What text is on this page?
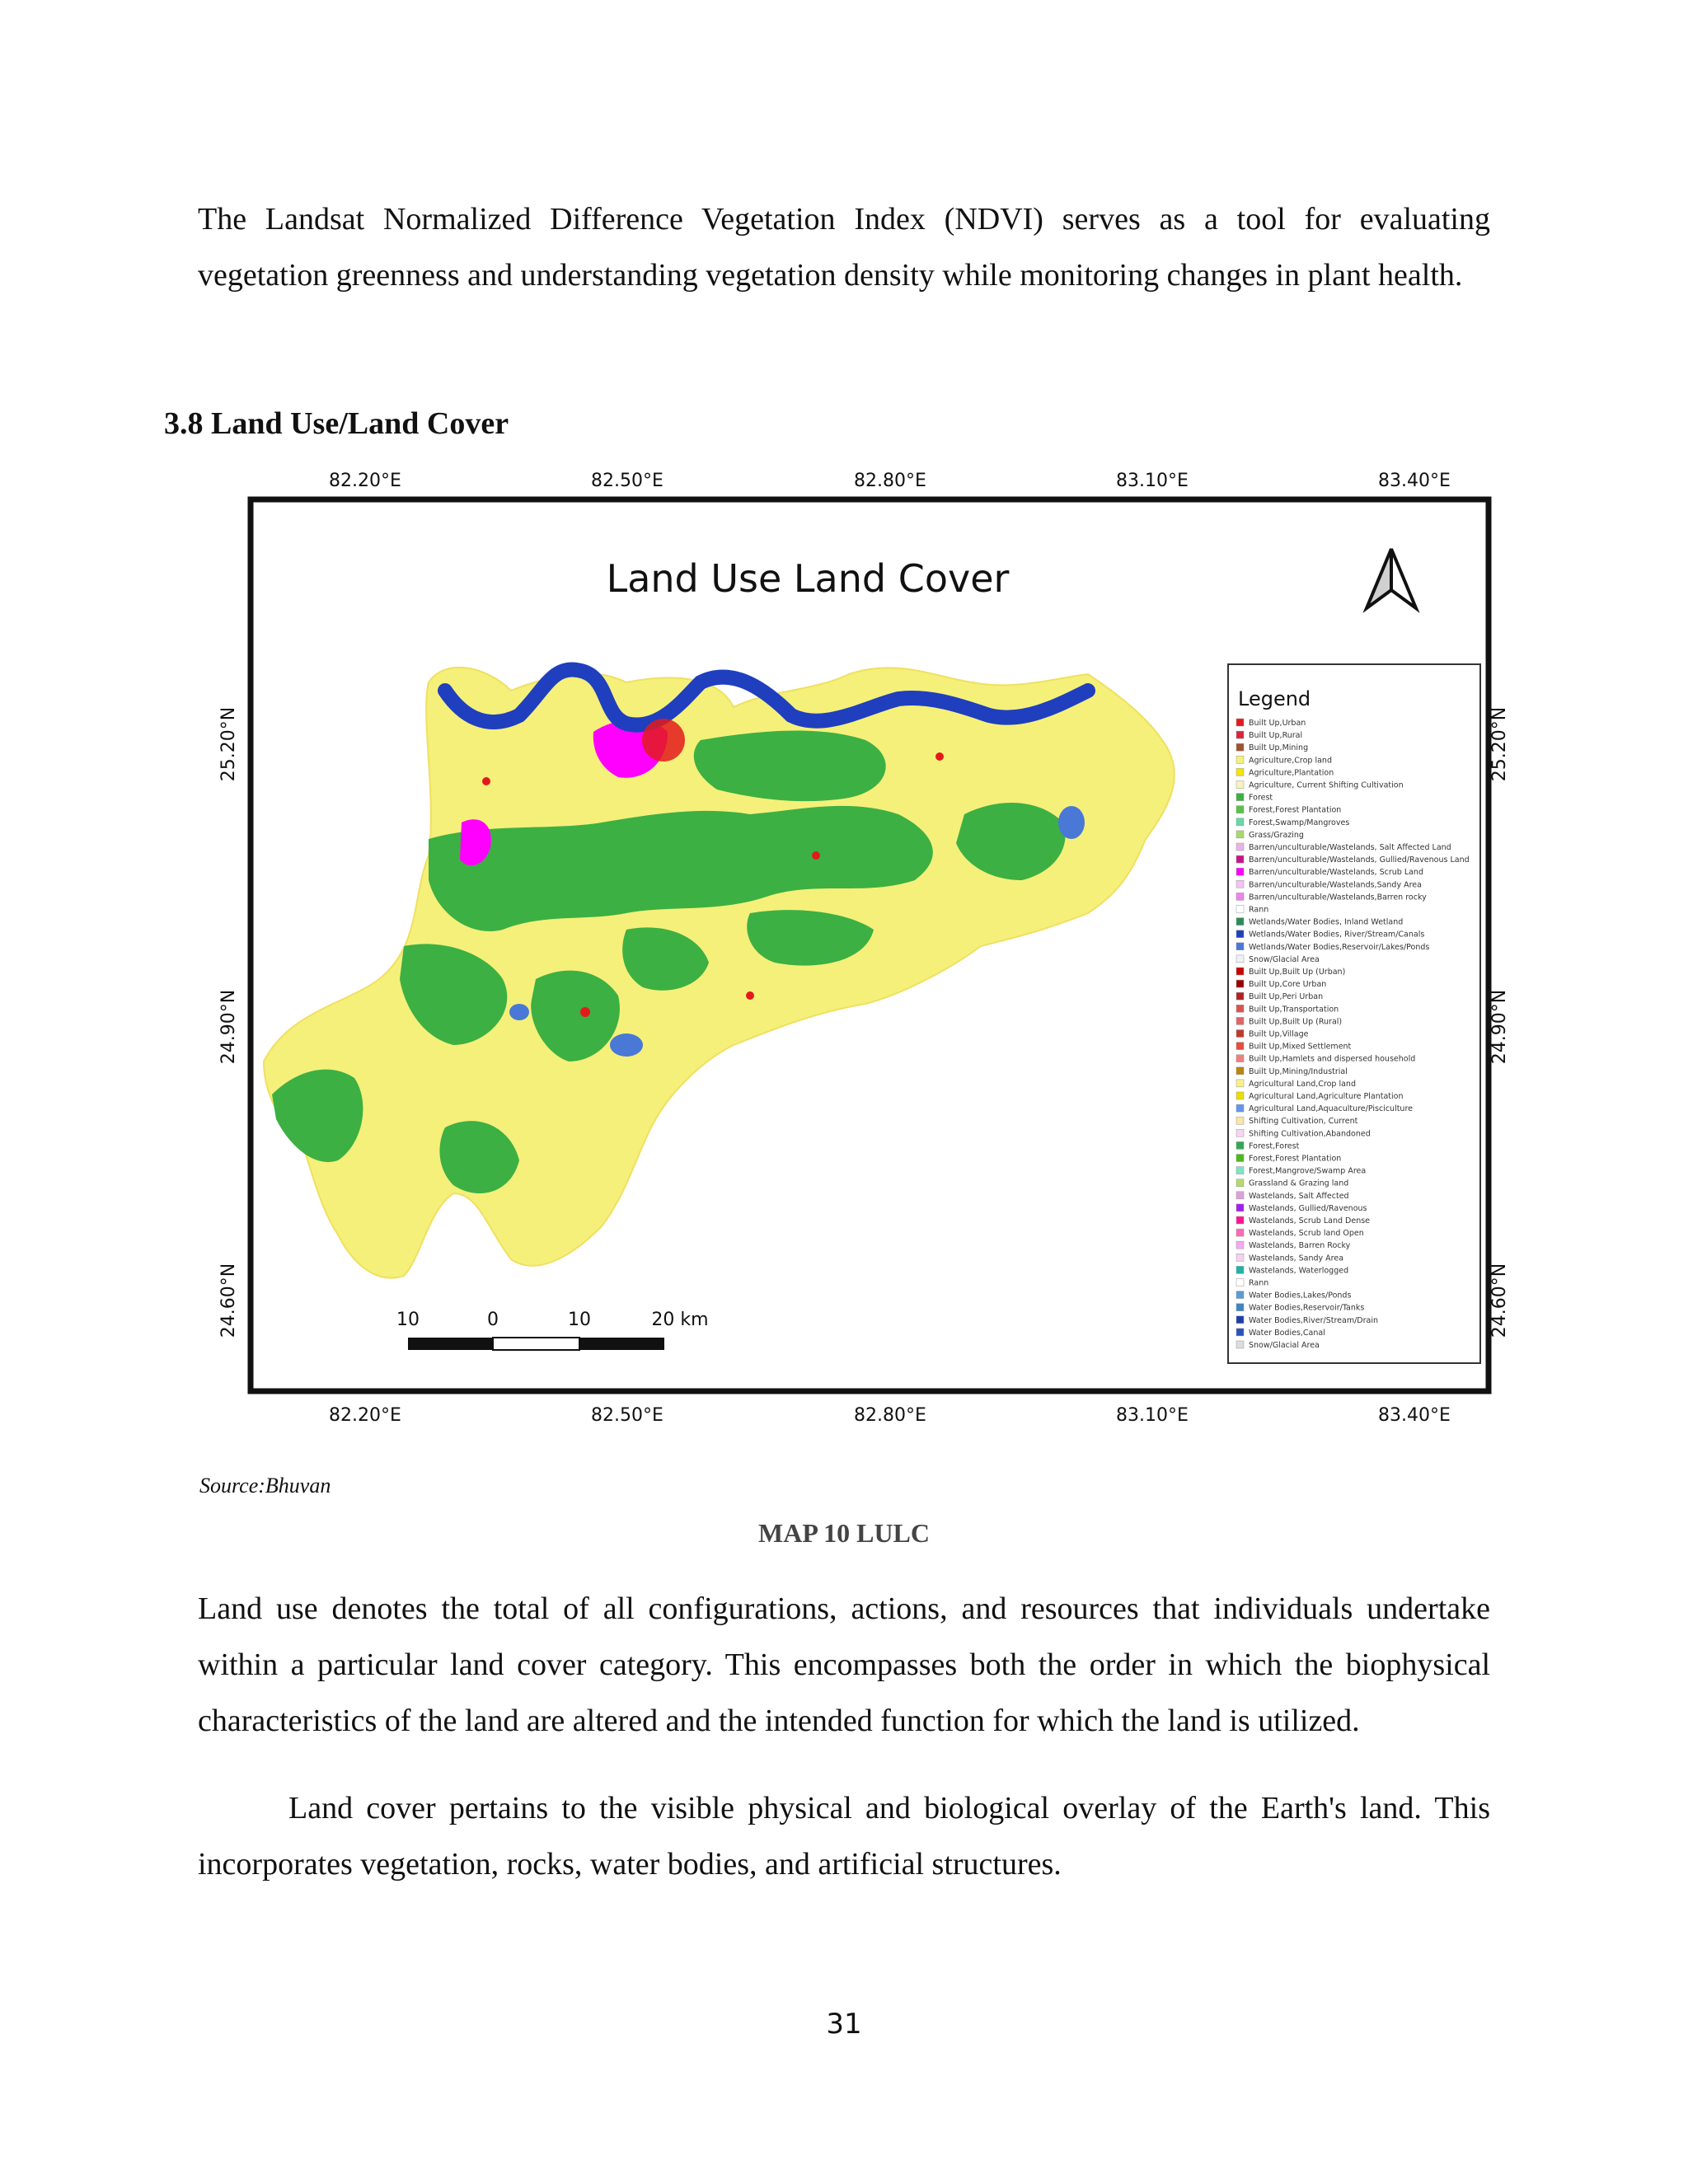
The Landsat Normalized Difference Vegetation Index (NDVI) serves as a tool for evaluating vegetation greenness and understanding vegetation density while monitoring changes in plant health.

3.8 Land Use/Land Cover
82.20°E	82.50°E	82.80°E	83.10°E	83.40°E
82.20°E	82.50°E	82.80°E	83.10°E	83.40°E
25.20°N
24.90°N
24.60°N
25.20°N
24.90°N
24.60°N
Land Use Land Cover
10	0	10	20 km
Legend
Built Up,Urban
Built Up,Rural
Built Up,Mining
Agriculture,Crop land
Agriculture,Plantation
Agriculture, Current Shifting Cultivation
Forest
Forest,Forest Plantation
Forest,Swamp/Mangroves
Grass/Grazing
Barren/unculturable/Wastelands, Salt Affected Land
Barren/unculturable/Wastelands, Gullied/Ravenous Land
Barren/unculturable/Wastelands, Scrub Land
Barren/unculturable/Wastelands,Sandy Area
Barren/unculturable/Wastelands,Barren rocky
Rann
Wetlands/Water Bodies, Inland Wetland
Wetlands/Water Bodies, River/Stream/Canals
Wetlands/Water Bodies,Reservoir/Lakes/Ponds
Snow/Glacial Area
Built Up,Built Up (Urban)
Built Up,Core Urban
Built Up,Peri Urban
Built Up,Transportation
Built Up,Built Up (Rural)
Built Up,Village
Built Up,Mixed Settlement
Built Up,Hamlets and dispersed household
Built Up,Mining/Industrial
Agricultural Land,Crop land
Agricultural Land,Agriculture Plantation
Agricultural Land,Aquaculture/Pisciculture
Shifting Cultivation, Current
Shifting Cultivation,Abandoned
Forest,Forest
Forest,Forest Plantation
Forest,Mangrove/Swamp Area
Grassland & Grazing land
Wastelands, Salt Affected
Wastelands, Gullied/Ravenous
Wastelands, Scrub Land Dense
Wastelands, Scrub land Open
Wastelands, Barren Rocky
Wastelands, Sandy Area
Wastelands, Waterlogged
Rann
Water Bodies,Lakes/Ponds
Water Bodies,Reservoir/Tanks
Water Bodies,River/Stream/Drain
Water Bodies,Canal
Snow/Glacial Area
Source:Bhuvan
MAP 10 LULC

Land use denotes the total of all configurations, actions, and resources that individuals undertake within a particular land cover category. This encompasses both the order in which the biophysical characteristics of the land are altered and the intended function for which the land is utilized.

Land cover pertains to the visible physical and biological overlay of the Earth's land. This incorporates vegetation, rocks, water bodies, and artificial structures.

31
